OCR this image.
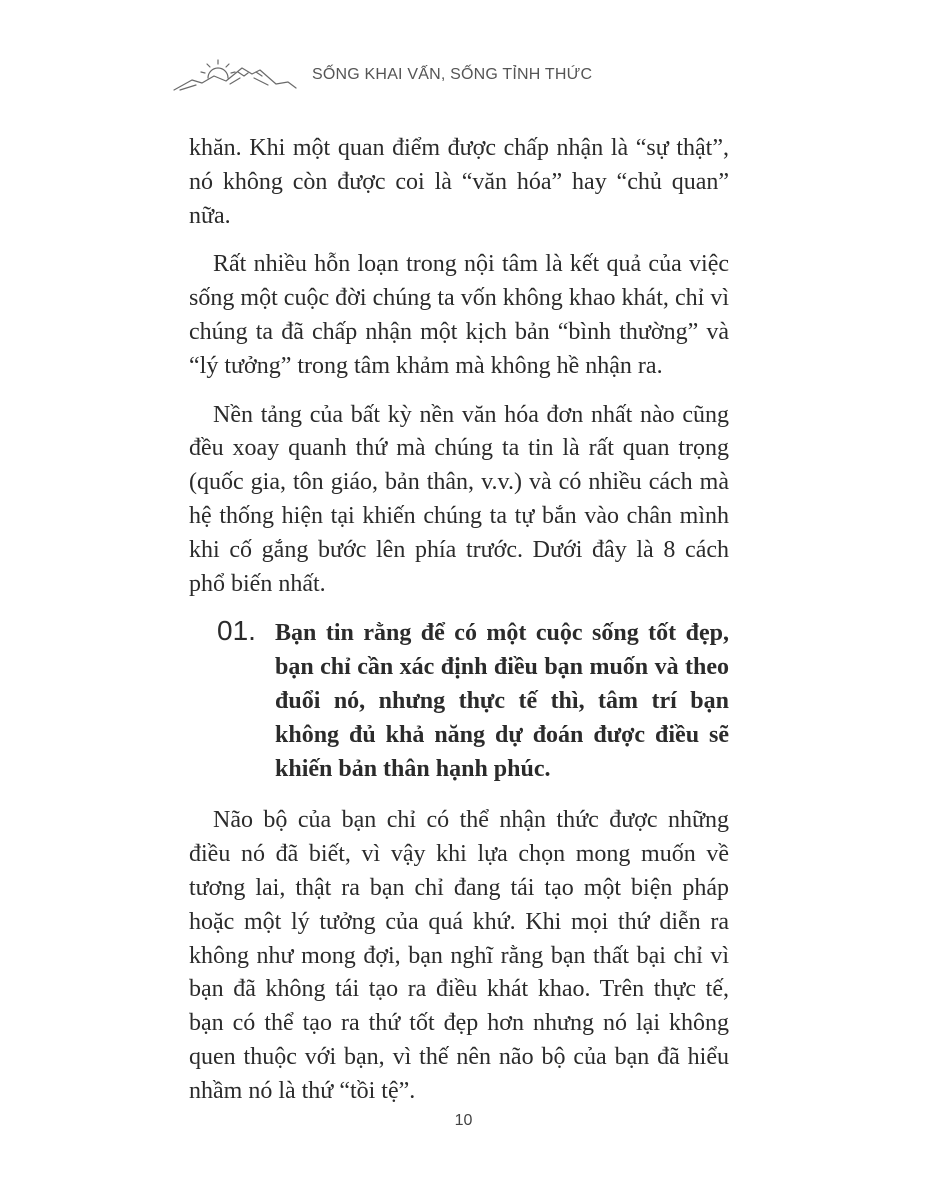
SỐNG KHAI VẤN, SỐNG TỈNH THỨC

khăn. Khi một quan điểm được chấp nhận là “sự thật”, nó không còn được coi là “văn hóa” hay “chủ quan” nữa.

Rất nhiều hỗn loạn trong nội tâm là kết quả của việc sống một cuộc đời chúng ta vốn không khao khát, chỉ vì chúng ta đã chấp nhận một kịch bản “bình thường” và “lý tưởng” trong tâm khảm mà không hề nhận ra.

Nền tảng của bất kỳ nền văn hóa đơn nhất nào cũng đều xoay quanh thứ mà chúng ta tin là rất quan trọng (quốc gia, tôn giáo, bản thân, v.v.) và có nhiều cách mà hệ thống hiện tại khiến chúng ta tự bắn vào chân mình khi cố gắng bước lên phía trước. Dưới đây là 8 cách phổ biến nhất.

01. Bạn tin rằng để có một cuộc sống tốt đẹp, bạn chỉ cần xác định điều bạn muốn và theo đuổi nó, nhưng thực tế thì, tâm trí bạn không đủ khả năng dự đoán được điều sẽ khiến bản thân hạnh phúc.

Não bộ của bạn chỉ có thể nhận thức được những điều nó đã biết, vì vậy khi lựa chọn mong muốn về tương lai, thật ra bạn chỉ đang tái tạo một biện pháp hoặc một lý tưởng của quá khứ. Khi mọi thứ diễn ra không như mong đợi, bạn nghĩ rằng bạn thất bại chỉ vì bạn đã không tái tạo ra điều khát khao. Trên thực tế, bạn có thể tạo ra thứ tốt đẹp hơn nhưng nó lại không quen thuộc với bạn, vì thế nên não bộ của bạn đã hiểu nhầm nó là thứ “tồi tệ”.

10
